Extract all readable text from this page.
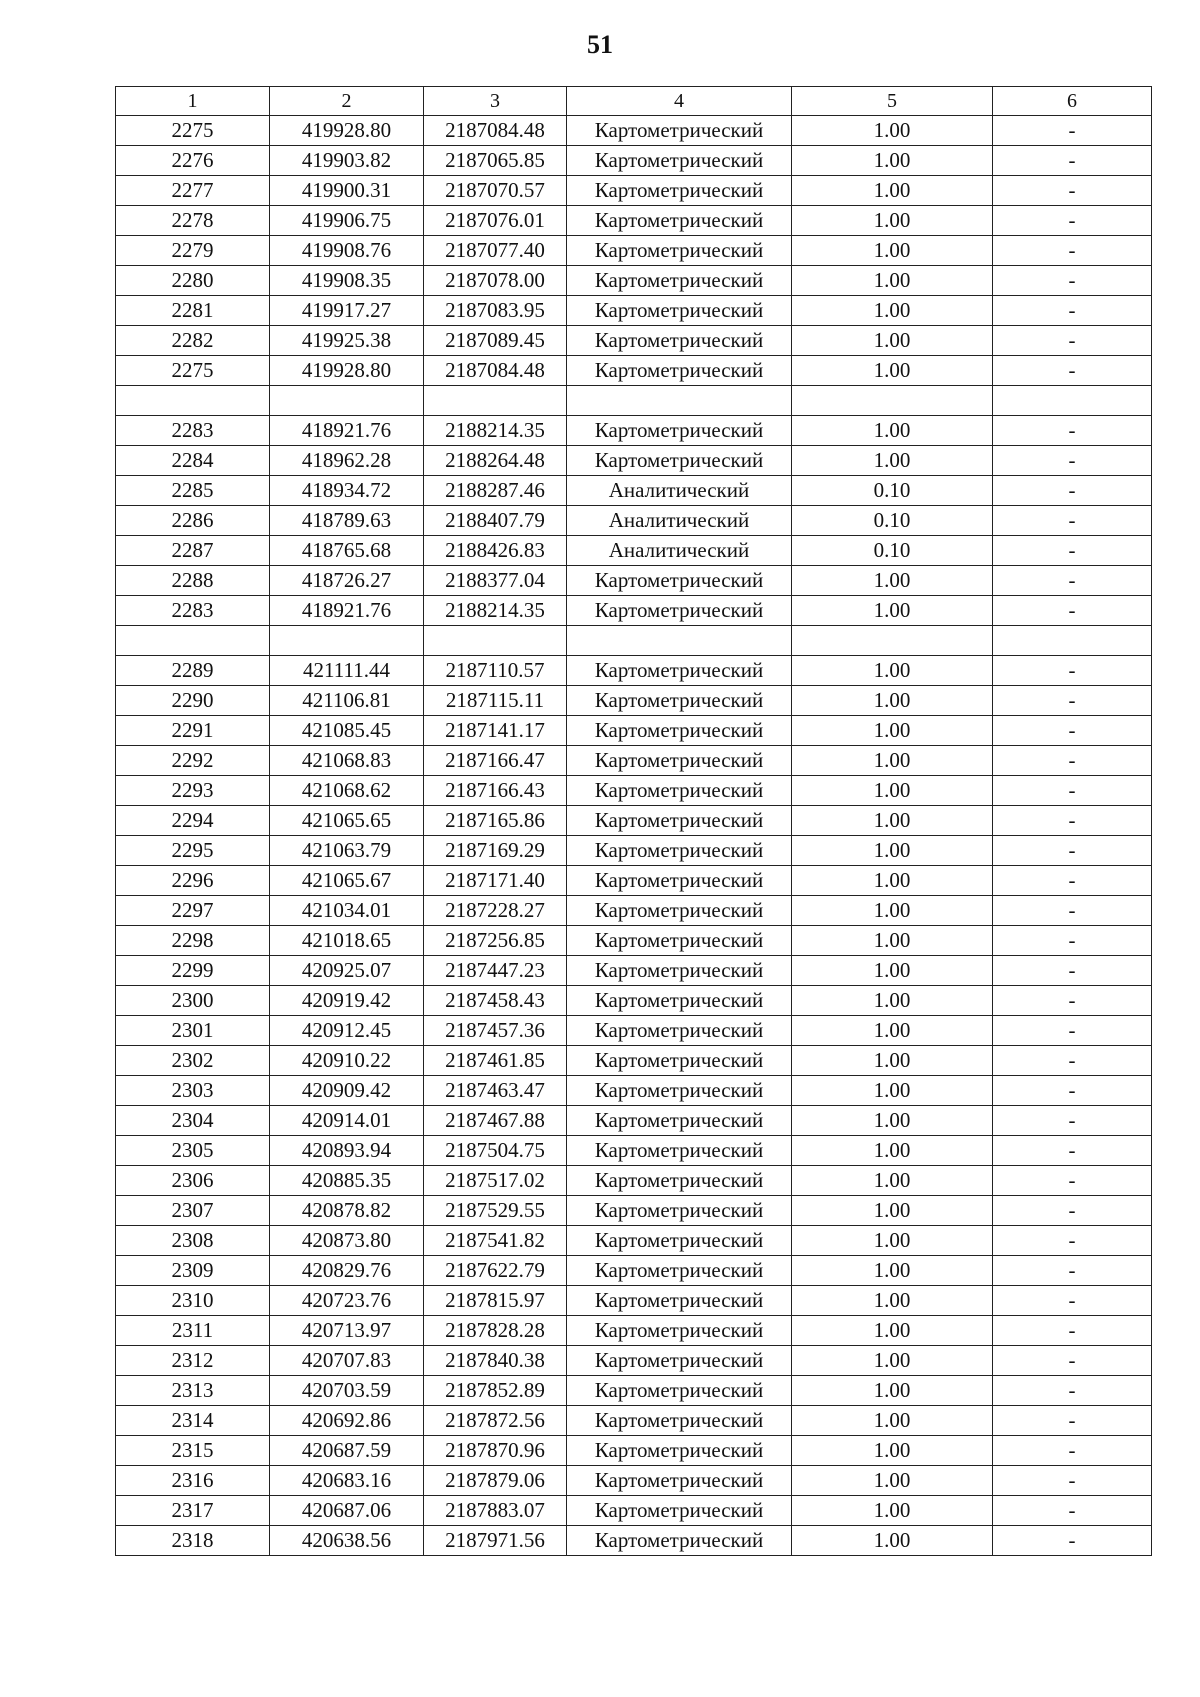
51
1	2	3	4	5	6
2275	419928.80	2187084.48	Картометрический	1.00	-
2276	419903.82	2187065.85	Картометрический	1.00	-
2277	419900.31	2187070.57	Картометрический	1.00	-
2278	419906.75	2187076.01	Картометрический	1.00	-
2279	419908.76	2187077.40	Картометрический	1.00	-
2280	419908.35	2187078.00	Картометрический	1.00	-
2281	419917.27	2187083.95	Картометрический	1.00	-
2282	419925.38	2187089.45	Картометрический	1.00	-
2275	419928.80	2187084.48	Картометрический	1.00	-

2283	418921.76	2188214.35	Картометрический	1.00	-
2284	418962.28	2188264.48	Картометрический	1.00	-
2285	418934.72	2188287.46	Аналитический	0.10	-
2286	418789.63	2188407.79	Аналитический	0.10	-
2287	418765.68	2188426.83	Аналитический	0.10	-
2288	418726.27	2188377.04	Картометрический	1.00	-
2283	418921.76	2188214.35	Картометрический	1.00	-

2289	421111.44	2187110.57	Картометрический	1.00	-
2290	421106.81	2187115.11	Картометрический	1.00	-
2291	421085.45	2187141.17	Картометрический	1.00	-
2292	421068.83	2187166.47	Картометрический	1.00	-
2293	421068.62	2187166.43	Картометрический	1.00	-
2294	421065.65	2187165.86	Картометрический	1.00	-
2295	421063.79	2187169.29	Картометрический	1.00	-
2296	421065.67	2187171.40	Картометрический	1.00	-
2297	421034.01	2187228.27	Картометрический	1.00	-
2298	421018.65	2187256.85	Картометрический	1.00	-
2299	420925.07	2187447.23	Картометрический	1.00	-
2300	420919.42	2187458.43	Картометрический	1.00	-
2301	420912.45	2187457.36	Картометрический	1.00	-
2302	420910.22	2187461.85	Картометрический	1.00	-
2303	420909.42	2187463.47	Картометрический	1.00	-
2304	420914.01	2187467.88	Картометрический	1.00	-
2305	420893.94	2187504.75	Картометрический	1.00	-
2306	420885.35	2187517.02	Картометрический	1.00	-
2307	420878.82	2187529.55	Картометрический	1.00	-
2308	420873.80	2187541.82	Картометрический	1.00	-
2309	420829.76	2187622.79	Картометрический	1.00	-
2310	420723.76	2187815.97	Картометрический	1.00	-
2311	420713.97	2187828.28	Картометрический	1.00	-
2312	420707.83	2187840.38	Картометрический	1.00	-
2313	420703.59	2187852.89	Картометрический	1.00	-
2314	420692.86	2187872.56	Картометрический	1.00	-
2315	420687.59	2187870.96	Картометрический	1.00	-
2316	420683.16	2187879.06	Картометрический	1.00	-
2317	420687.06	2187883.07	Картометрический	1.00	-
2318	420638.56	2187971.56	Картометрический	1.00	-
